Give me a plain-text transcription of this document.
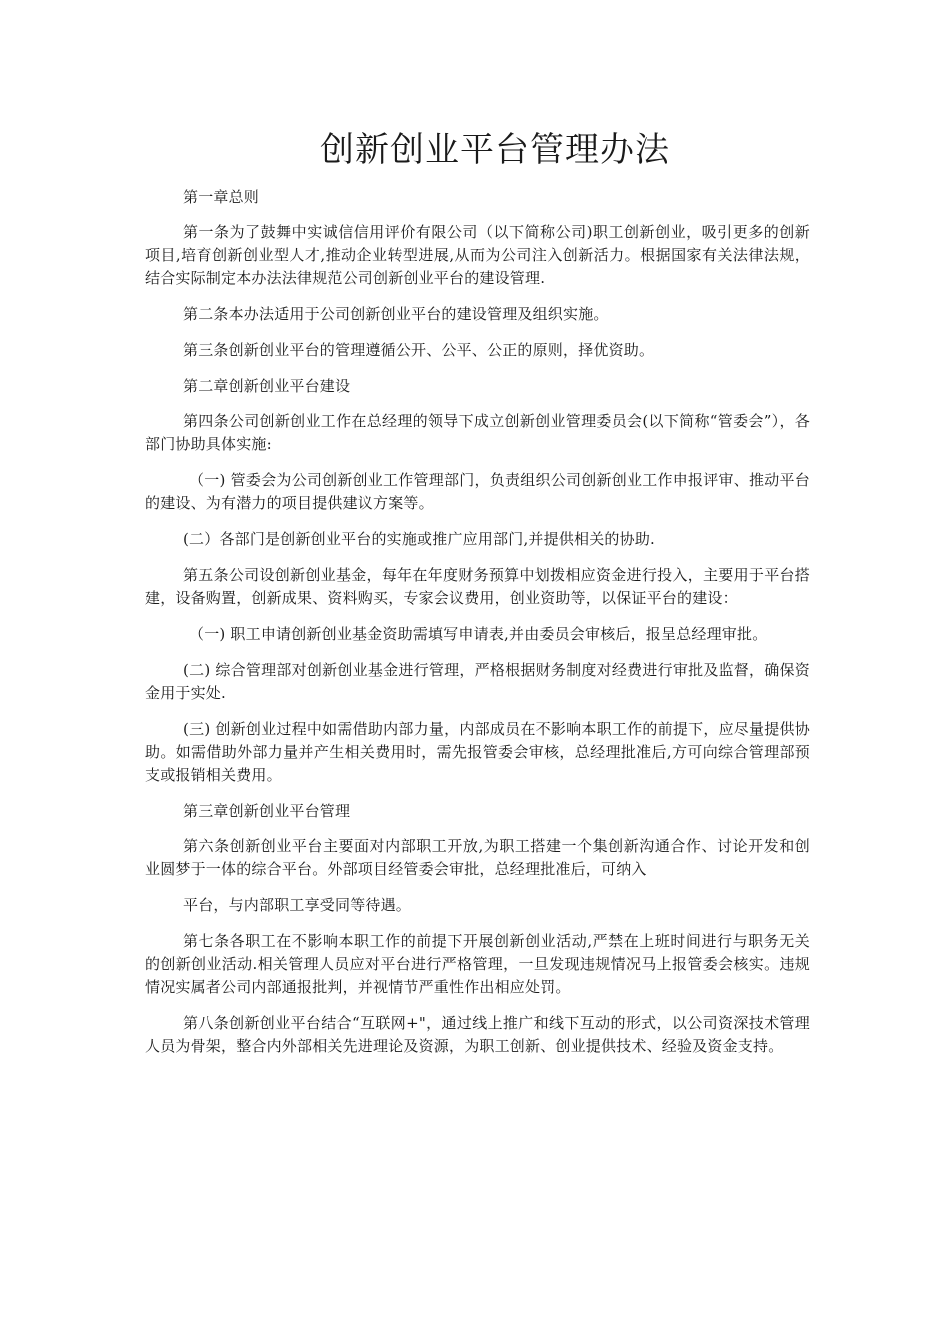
创新创业平台管理办法

第一章总则

第一条为了鼓舞中实诚信信用评价有限公司（以下简称公司)职工创新创业，吸引更多的创新项目,培育创新创业型人才,推动企业转型进展,从而为公司注入创新活力。根据国家有关法律法规，结合实际制定本办法法律规范公司创新创业平台的建设管理.

第二条本办法适用于公司创新创业平台的建设管理及组织实施。

第三条创新创业平台的管理遵循公开、公平、公正的原则，择优资助。

第二章创新创业平台建设

第四条公司创新创业工作在总经理的领导下成立创新创业管理委员会(以下简称“管委会”），各部门协助具体实施:

（一) 管委会为公司创新创业工作管理部门，负责组织公司创新创业工作申报评审、推动平台的建设、为有潜力的项目提供建议方案等。

(二）各部门是创新创业平台的实施或推广应用部门,并提供相关的协助.

第五条公司设创新创业基金，每年在年度财务预算中划拨相应资金进行投入，主要用于平台搭建，设备购置，创新成果、资料购买，专家会议费用，创业资助等，以保证平台的建设：

（一) 职工申请创新创业基金资助需填写申请表,并由委员会审核后，报呈总经理审批。

(二) 综合管理部对创新创业基金进行管理，严格根据财务制度对经费进行审批及监督，确保资金用于实处.

(三) 创新创业过程中如需借助内部力量，内部成员在不影响本职工作的前提下，应尽量提供协助。如需借助外部力量并产生相关费用时，需先报管委会审核，总经理批准后,方可向综合管理部预支或报销相关费用。

第三章创新创业平台管理

第六条创新创业平台主要面对内部职工开放,为职工搭建一个集创新沟通合作、讨论开发和创业圆梦于一体的综合平台。外部项目经管委会审批，总经理批准后，可纳入

平台，与内部职工享受同等待遇。

第七条各职工在不影响本职工作的前提下开展创新创业活动,严禁在上班时间进行与职务无关的创新创业活动.相关管理人员应对平台进行严格管理，一旦发现违规情况马上报管委会核实。违规情况实属者公司内部通报批判，并视情节严重性作出相应处罚。

第八条创新创业平台结合“互联网+"，通过线上推广和线下互动的形式，以公司资深技术管理人员为骨架，整合内外部相关先进理论及资源，为职工创新、创业提供技术、经验及资金支持。
